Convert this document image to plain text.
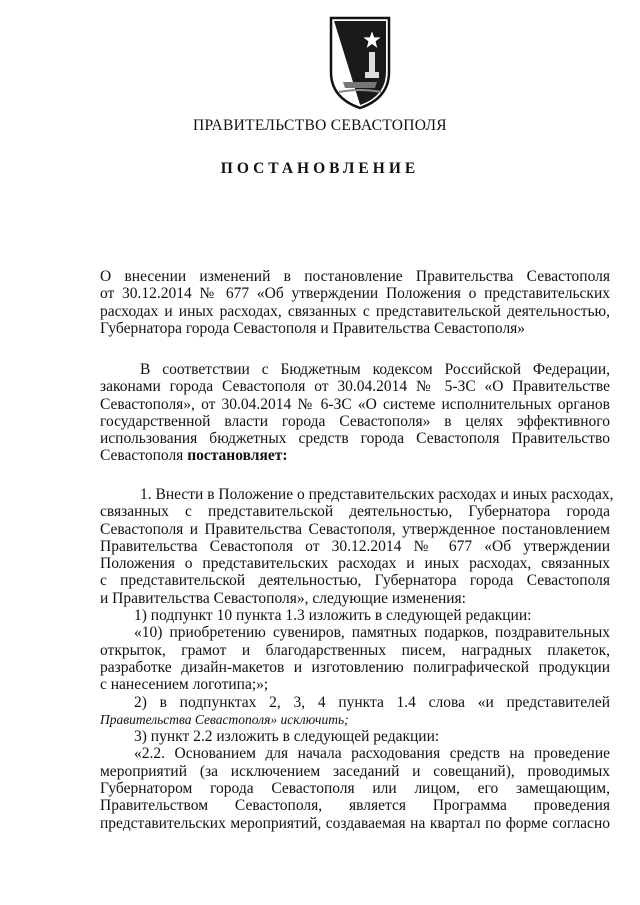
ПРАВИТЕЛЬСТВО СЕВАСТОПОЛЯ
ПОСТАНОВЛЕНИЕ
О внесении изменений в постановление Правительства Севастополя
от 30.12.2014 № 677 «Об утверждении Положения о представительских
расходах и иных расходах, связанных с представительской деятельностью,
Губернатора города Севастополя и Правительства Севастополя»
В соответствии с Бюджетным кодексом Российской Федерации,
законами города Севастополя от 30.04.2014 № 5-ЗС «О Правительстве
Севастополя», от 30.04.2014 № 6-ЗС «О системе исполнительных органов
государственной власти города Севастополя» в целях эффективного
использования бюджетных средств города Севастополя Правительство
Севастополя постановляет:
1. Внести в Положение о представительских расходах и иных расходах,
связанных с представительской деятельностью, Губернатора города
Севастополя и Правительства Севастополя, утвержденное постановлением
Правительства Севастополя от 30.12.2014 № 677 «Об утверждении
Положения о представительских расходах и иных расходах, связанных
с представительской деятельностью, Губернатора города Севастополя
и Правительства Севастополя», следующие изменения:
1) подпункт 10 пункта 1.3 изложить в следующей редакции:
«10) приобретению сувениров, памятных подарков, поздравительных
открыток, грамот и благодарственных писем, наградных плакеток,
разработке дизайн-макетов и изготовлению полиграфической продукции
с нанесением логотипа;»;
2) в подпунктах 2, 3, 4 пункта 1.4 слова «и представителей
Правительства Севастополя» исключить;
3) пункт 2.2 изложить в следующей редакции:
«2.2. Основанием для начала расходования средств на проведение
мероприятий (за исключением заседаний и совещаний), проводимых
Губернатором города Севастополя или лицом, его замещающим,
Правительством Севастополя, является Программа проведения
представительских мероприятий, создаваемая на квартал по форме согласно
